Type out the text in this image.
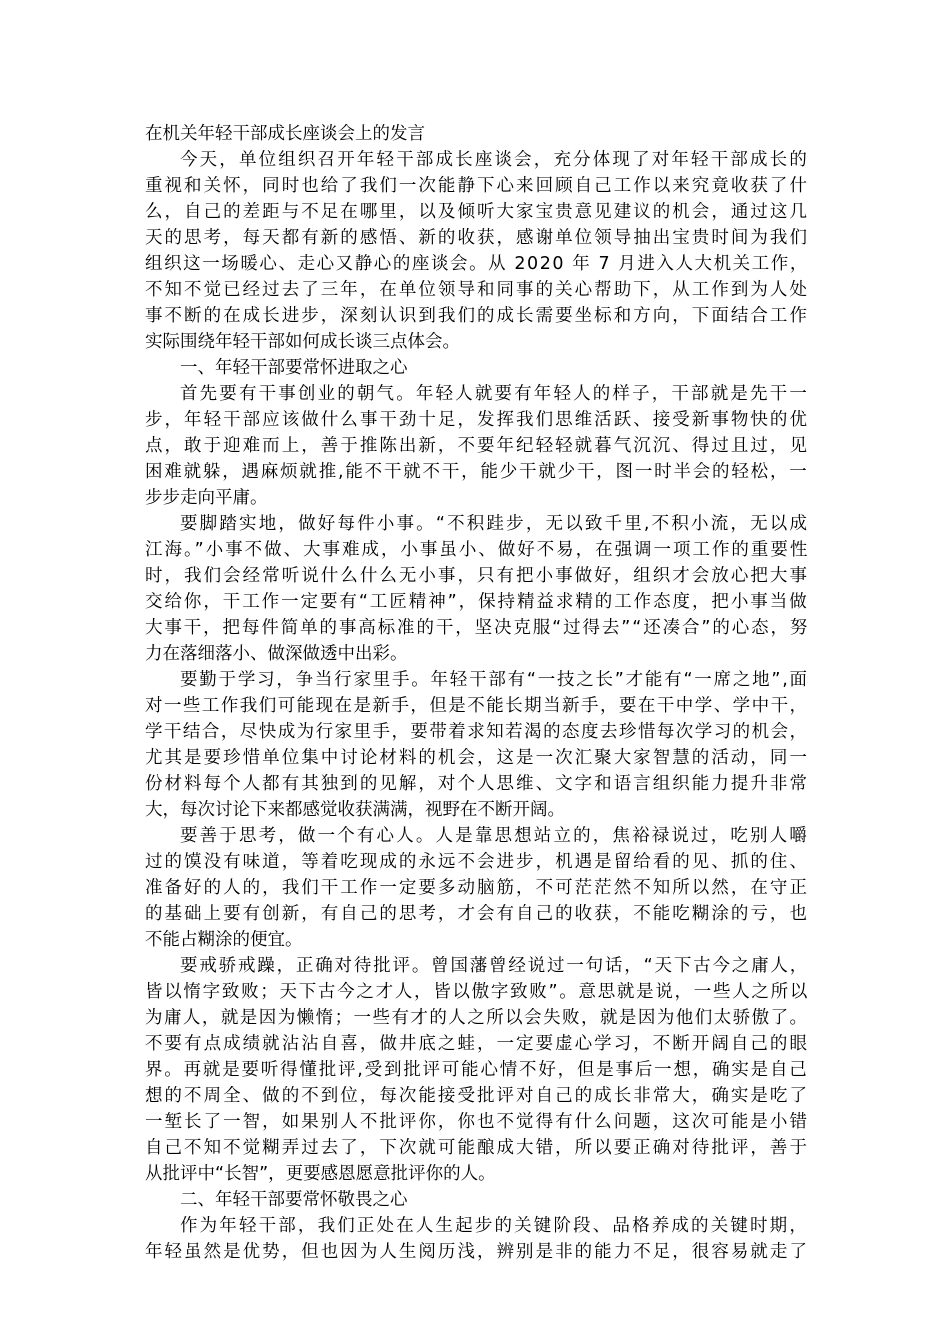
在机关年轻干部成长座谈会上的发言
今天，单位组织召开年轻干部成长座谈会，充分体现了对年轻干部成长的
重视和关怀，同时也给了我们一次能静下心来回顾自己工作以来究竟收获了什
么，自己的差距与不足在哪里，以及倾听大家宝贵意见建议的机会，通过这几
天的思考，每天都有新的感悟、新的收获，感谢单位领导抽出宝贵时间为我们
组织这一场暖心、走心又静心的座谈会。从 2020 年 7 月进入人大机关工作，
不知不觉已经过去了三年，在单位领导和同事的关心帮助下，从工作到为人处
事不断的在成长进步，深刻认识到我们的成长需要坐标和方向，下面结合工作
实际围绕年轻干部如何成长谈三点体会。
一、年轻干部要常怀进取之心
首先要有干事创业的朝气。年轻人就要有年轻人的样子，干部就是先干一
步，年轻干部应该做什么事干劲十足，发挥我们思维活跃、接受新事物快的优
点，敢于迎难而上，善于推陈出新，不要年纪轻轻就暮气沉沉、得过且过，见
困难就躲，遇麻烦就推,能不干就不干，能少干就少干，图一时半会的轻松，一
步步走向平庸。
要脚踏实地，做好每件小事。“不积跬步，无以致千里,不积小流，无以成
江海。”小事不做、大事难成，小事虽小、做好不易，在强调一项工作的重要性
时，我们会经常听说什么什么无小事，只有把小事做好，组织才会放心把大事
交给你，干工作一定要有“工匠精神”，保持精益求精的工作态度，把小事当做
大事干，把每件简单的事高标准的干，坚决克服“过得去”“还凑合”的心态，努
力在落细落小、做深做透中出彩。
要勤于学习，争当行家里手。年轻干部有“一技之长”才能有“一席之地”,面
对一些工作我们可能现在是新手，但是不能长期当新手，要在干中学、学中干，
学干结合，尽快成为行家里手，要带着求知若渴的态度去珍惜每次学习的机会，
尤其是要珍惜单位集中讨论材料的机会，这是一次汇聚大家智慧的活动，同一
份材料每个人都有其独到的见解，对个人思维、文字和语言组织能力提升非常
大，每次讨论下来都感觉收获满满，视野在不断开阔。
要善于思考，做一个有心人。人是靠思想站立的，焦裕禄说过，吃别人嚼
过的馍没有味道，等着吃现成的永远不会进步，机遇是留给看的见、抓的住、
准备好的人的，我们干工作一定要多动脑筋，不可茫茫然不知所以然，在守正
的基础上要有创新，有自己的思考，才会有自己的收获，不能吃糊涂的亏，也
不能占糊涂的便宜。
要戒骄戒躁，正确对待批评。曾国藩曾经说过一句话，“天下古今之庸人，
皆以惰字致败；天下古今之才人，皆以傲字致败”。意思就是说，一些人之所以
为庸人，就是因为懒惰；一些有才的人之所以会失败，就是因为他们太骄傲了。
不要有点成绩就沾沾自喜，做井底之蛙，一定要虚心学习，不断开阔自己的眼
界。再就是要听得懂批评,受到批评可能心情不好，但是事后一想，确实是自己
想的不周全、做的不到位，每次能接受批评对自己的成长非常大，确实是吃了
一堑长了一智，如果别人不批评你，你也不觉得有什么问题，这次可能是小错
自己不知不觉糊弄过去了，下次就可能酿成大错，所以要正确对待批评，善于
从批评中“长智”，更要感恩愿意批评你的人。
二、年轻干部要常怀敬畏之心
作为年轻干部，我们正处在人生起步的关键阶段、品格养成的关键时期，
年轻虽然是优势，但也因为人生阅历浅，辨别是非的能力不足，很容易就走了
